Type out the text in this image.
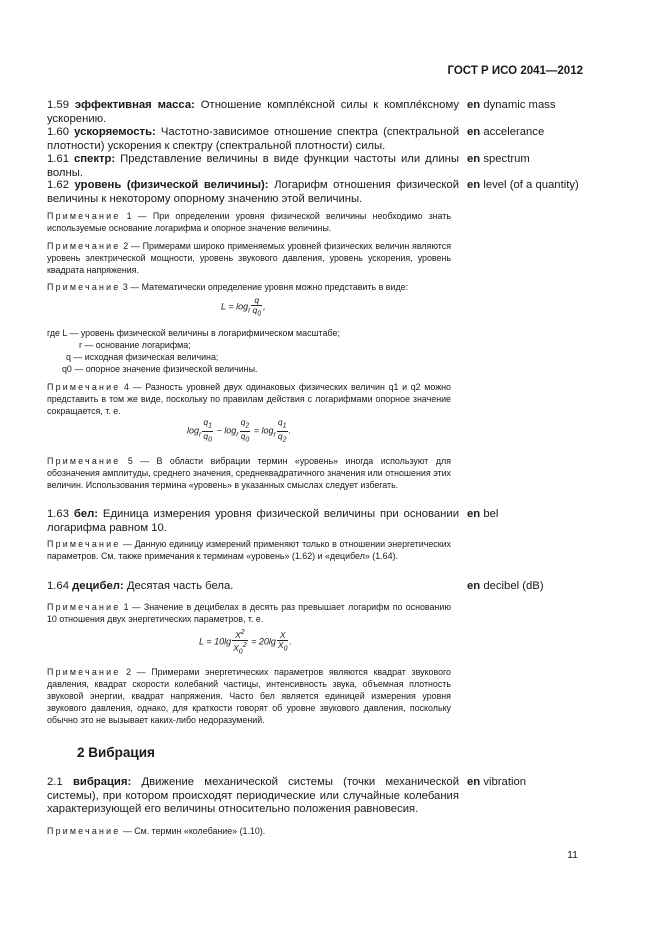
ГОСТ Р ИСО 2041—2012
1.59 эффективная масса: Отношение компле́ксной силы к компле́ксному ускорению.
en dynamic mass
1.60 ускоряемость: Частотно-зависимое отношение спектра (спектральной плотности) ускорения к спектру (спектральной плотности) силы.
en accelerance
1.61 спектр: Представление величины в виде функции частоты или длины волны.
en spectrum
1.62 уровень (физической величины): Логарифм отношения физической величины к некоторому опорному значению этой величины.
en level (of a quantity)
Примечание 1 — При определении уровня физической величины необходимо знать используемые основание логарифма и опорное значение величины.
Примечание 2 — Примерами широко применяемых уровней физических величин являются уровень электрической мощности, уровень звукового давления, уровень ускорения, уровень квадрата напряжения.
Примечание 3 — Математически определение уровня можно представить в виде:
$L = \log_r \frac{q}{q_0}$ ,
где L — уровень физической величины в логарифмическом масштабе;
r — основание логарифма;
q — исходная физическая величина;
q0 — опорное значение физической величины.
Примечание 4 — Разность уровней двух одинаковых физических величин q1 и q2 можно представить в том же виде, поскольку по правилам действия с логарифмами опорное значение сокращается, т. е.
$\log_r \frac{q_1}{q_0} - \log_r \frac{q_2}{q_0} = \log_r \frac{q_1}{q_2}$ .
Примечание 5 — В области вибрации термин «уровень» иногда используют для обозначения амплитуды, среднего значения, среднеквадратичного значения или отношения этих величин. Использования термина «уровень» в указанных смыслах следует избегать.
1.63 бел: Единица измерения уровня физической величины при основании логарифма равном 10.
en bel
Примечание — Данную единицу измерений применяют только в отношении энергетических параметров. См. также примечания к терминам «уровень» (1.62) и «децибел» (1.64).
1.64 децибел: Десятая часть бела.	en decibel (dB)
Примечание 1 — Значение в децибелах в десять раз превышает логарифм по основанию 10 отношения двух энергетических параметров, т. е.
$L = 10\lg \frac{X^2}{X_0^2} = 20\lg \frac{X}{X_0}$ .
Примечание 2 — Примерами энергетических параметров являются квадрат звукового давления, квадрат скорости колебаний частицы, интенсивность звука, объемная плотность звуковой энергии, квадрат напряжения. Часто бел является единицей измерения уровня звукового давления, однако, для краткости говорят об уровне звукового давления, поскольку обычно это не вызывает каких-либо недоразумений.
2 Вибрация
2.1 вибрация: Движение механической системы (точки механической системы), при котором происходят периодические или случайные колебания характеризующей его величины относительно положения равновесия.
en vibration
Примечание — См. термин «колебание» (1.10).
11
